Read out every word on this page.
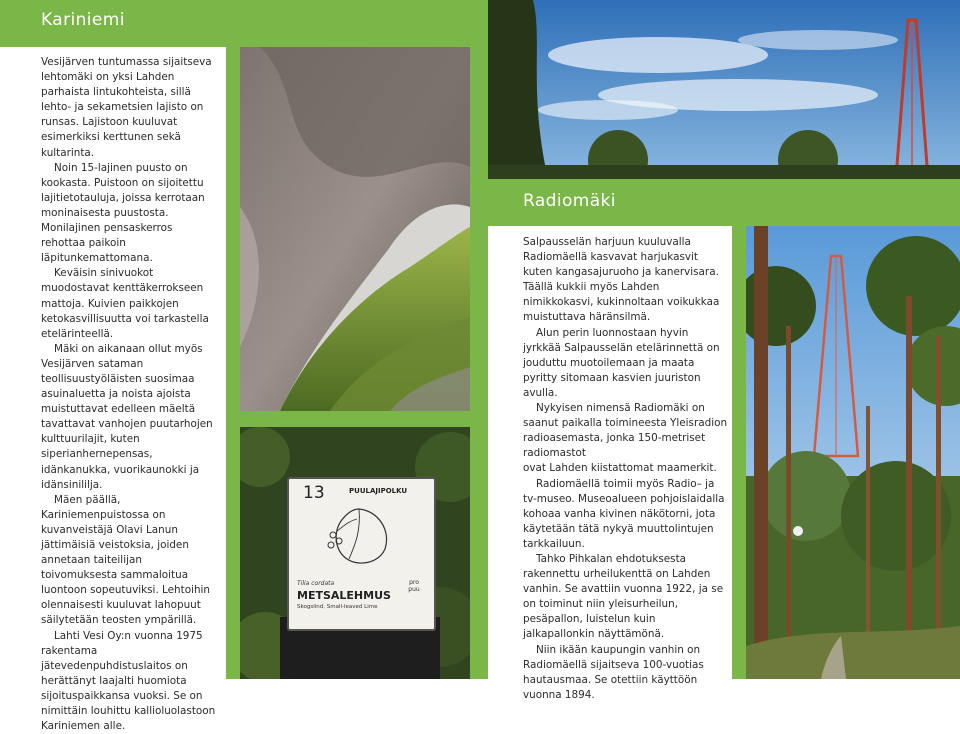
Kariniemi
Radiomäki

Vesijärven tuntumassa sijaitseva lehtomäki on yksi Lahden parhaista lintukohteista, sillä lehto- ja sekametsien lajisto on runsas. Lajistoon kuuluvat esimerkiksi kerttunen sekä kultarinta.

Noin 15-lajinen puusto on kookasta. Puistoon on sijoitettu lajitietotauluja, joissa kerrotaan moninaisesta puustosta. Monilajinen pensaskerros rehottaa paikoin läpitunkemattomana.

Keväisin sinivuokot muodostavat kenttäkerrokseen mattoja. Kuivien paikkojen ketokasvillisuutta voi tarkastella etelärinteellä.

Mäki on aikanaan ollut myös Vesijärven sataman teollisuustyöläisten suosimaa asuinaluetta ja noista ajoista muistuttavat edelleen mäeltä tavattavat vanhojen puutarhojen kulttuurilajit, kuten siperianhernepensas, idänkanukka, vuorikaunokki ja idänsinililja.

Mäen päällä, Kariniemenpuistossa on kuvanveistäjä Olavi Lanun jättimäisiä veistoksia, joiden annetaan taiteilijan toivomuksesta sammaloitua luontoon sopeutuviksi. Lehtoihin olennaisesti kuuluvat lahopuut säilytetään teosten ympärillä.

Lahti Vesi Oy:n vuonna 1975 rakentama jätevedenpuhdistuslaitos on herättänyt laajalti huomiota sijoituspaikkansa vuoksi. Se on nimittäin louhittu kallioluolastoon Kariniemen alle.

13	PUULAJIPOLKU
Tilia cordata
METSALEHMUS
Skogslind, Small-leaved Lime
pro
puu

Salpausselän harjuun kuuluvalla Radiomäellä kasvavat harjukasvit kuten kangasajuruoho ja kanervisara. Täällä kukkii myös Lahden nimikkokasvi, kukinnoltaan voikukkaa muistuttava häränsilmä.

Alun perin luonnostaan hyvin jyrkkää Salpausselän etelärinnettä on jouduttu muotoilemaan ja maata pyritty sitomaan kasvien juuriston avulla.

Nykyisen nimensä Radiomäki on saanut paikalla toimineesta Yleisradion radioasemasta, jonka 150-metriset radiomastot

ovat Lahden kiistattomat maamerkit.

Radiomäellä toimii myös Radio– ja tv-museo. Museoalueen pohjoislaidalla kohoaa vanha kivinen näkötorni, jota käytetään tätä nykyä muuttolintujen tarkkailuun.

Tahko Pihkalan ehdotuksesta rakennettu urheilukenttä on Lahden

vanhin. Se avattiin vuonna 1922, ja se on toiminut niin yleisurheilun, pesäpallon, luistelun kuin jalkapallonkin näyttämönä.

Niin ikään kaupungin vanhin on Radiomäellä sijaitseva 100-vuotias hautausmaa. Se otettiin käyttöön vuonna 1894.
